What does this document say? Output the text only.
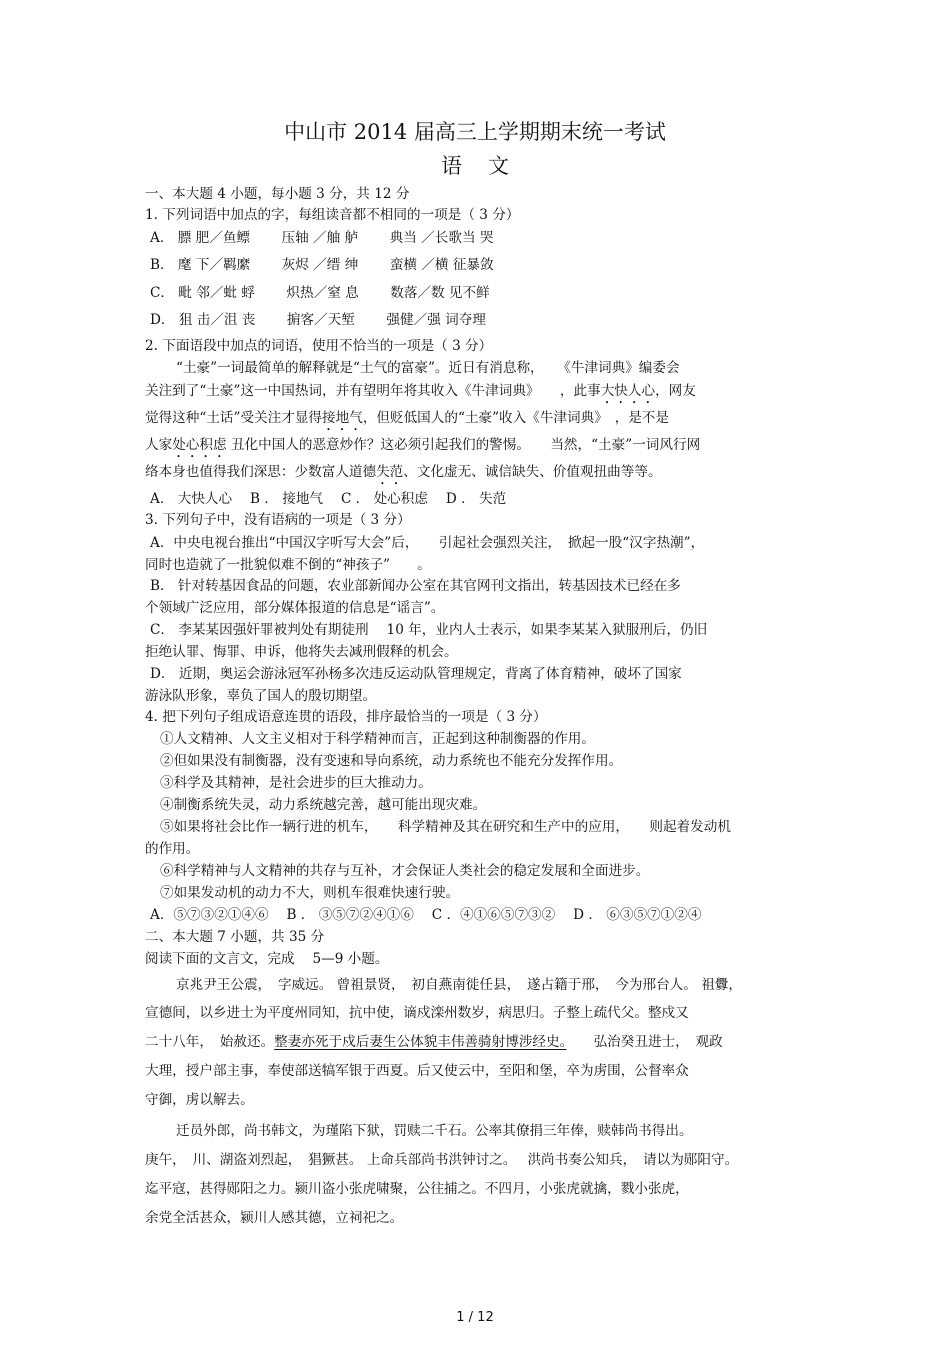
中山市 2014 届高三上学期期末统一考试
语文
一、本大题 4 小题，每小题 3 分，共 12 分
1. 下列词语中加点的字，每组读音都不相同的一项是（ 3 分）
A． 膘 肥／鱼鳔　　 压轴 ／舳 舻　　 典当 ／长歌当 哭
B． 麾 下／羁縻　　 灰烬 ／缙 绅　　 蛮横 ／横 征暴敛
C． 毗 邻／蚍 蜉　　 炽热／窒 息　　 数落／数 见不鲜
D． 狙 击／沮 丧　　 掮客／天堑　　 强健／强 词夺理
2. 下面语段中加点的词语，使用不恰当的一项是（ 3 分）
“土豪”一词最简单的解释就是“土气的富豪”。近日有消息称，　　《牛津词典》编委会
关注到了“土豪”这一中国热词，并有望明年将其收入《牛津词典》　　，此事大快人心，网友
觉得这种“土话”受关注才显得接地气，但贬低国人的“土豪”收入《牛津词典》　，是不是
人家处心积虑 丑化中国人的恶意炒作？这必须引起我们的警惕。　　当然，“土豪”一词风行网
络本身也值得我们深思：少数富人道德失范、文化虚无、诚信缺失、价值观扭曲等等。
A． 大快人心　 B ． 接地气　 C ． 处心积虑　 D ． 失范
3. 下列句子中，没有语病的一项是（ 3 分）
A．中央电视台推出“中国汉字听写大会”后，　　引起社会强烈关注，　掀起一股“汉字热潮”，
同时也造就了一批貌似难不倒的“神孩子”　　。
B． 针对转基因食品的问题，农业部新闻办公室在其官网刊文指出，转基因技术已经在多
个领域广泛应用，部分媒体报道的信息是“谣言”。
C． 李某某因强奸罪被判处有期徒刑　 10 年，业内人士表示，如果李某某入狱服刑后，仍旧
拒绝认罪、悔罪、申诉，他将失去减刑假释的机会。
D． 近期，奥运会游泳冠军孙杨多次违反运动队管理规定，背离了体育精神，破坏了国家
游泳队形象，辜负了国人的殷切期望。
4. 把下列句子组成语意连贯的语段，排序最恰当的一项是（ 3 分）
①人文精神、人文主义相对于科学精神而言，正起到这种制衡器的作用。
②但如果没有制衡器，没有变速和导向系统，动力系统也不能充分发挥作用。
③科学及其精神，是社会进步的巨大推动力。
④制衡系统失灵，动力系统越完善，越可能出现灾难。
⑤如果将社会比作一辆行进的机车，　　科学精神及其在研究和生产中的应用，　　则起着发动机
的作用。
⑥科学精神与人文精神的共存与互补，才会保证人类社会的稳定发展和全面进步。
⑦如果发动机的动力不大，则机车很难快速行驶。
A．⑤⑦③②①④⑥　 B ． ③⑤⑦②④①⑥　 C ．④①⑥⑤⑦③②　 D ． ⑥③⑤⑦①②④
二、本大题 7 小题，共 35 分
阅读下面的文言文，完成　 5—9 小题。
京兆尹王公震，　字威远。 曾祖景贤，　初自燕南徙任县，　遂占籍于邢，　今为邢台人。 祖釁，
宣德间，以乡进士为平度州同知，抗中使，谪戍滦州数岁，病思归。子整上疏代父。整戍又
二十八年，　始赦还。整妻亦死于戍后妻生公体貌丰伟善骑射博涉经史。　　弘治癸丑进士，　观政
大理，授户部主事，奉使部送犒军银于西夏。后又使云中，至阳和堡，卒为虏围，公督率众
守御，虏以解去。
迁员外郎，尚书韩文，为瑾陷下狱，罚赎二千石。公率其僚捐三年俸，赎韩尚书得出。
庚午，　川、湖盗刘烈起，　猖獗甚。 上命兵部尚书洪钟讨之。　 洪尚书奏公知兵，　请以为郧阳守。
迄平寇，甚得郧阳之力。颍川盗小张虎啸聚，公往捕之。不四月，小张虎就擒，戮小张虎，
余党全活甚众，颍川人感其德，立祠祀之。
1 / 12
